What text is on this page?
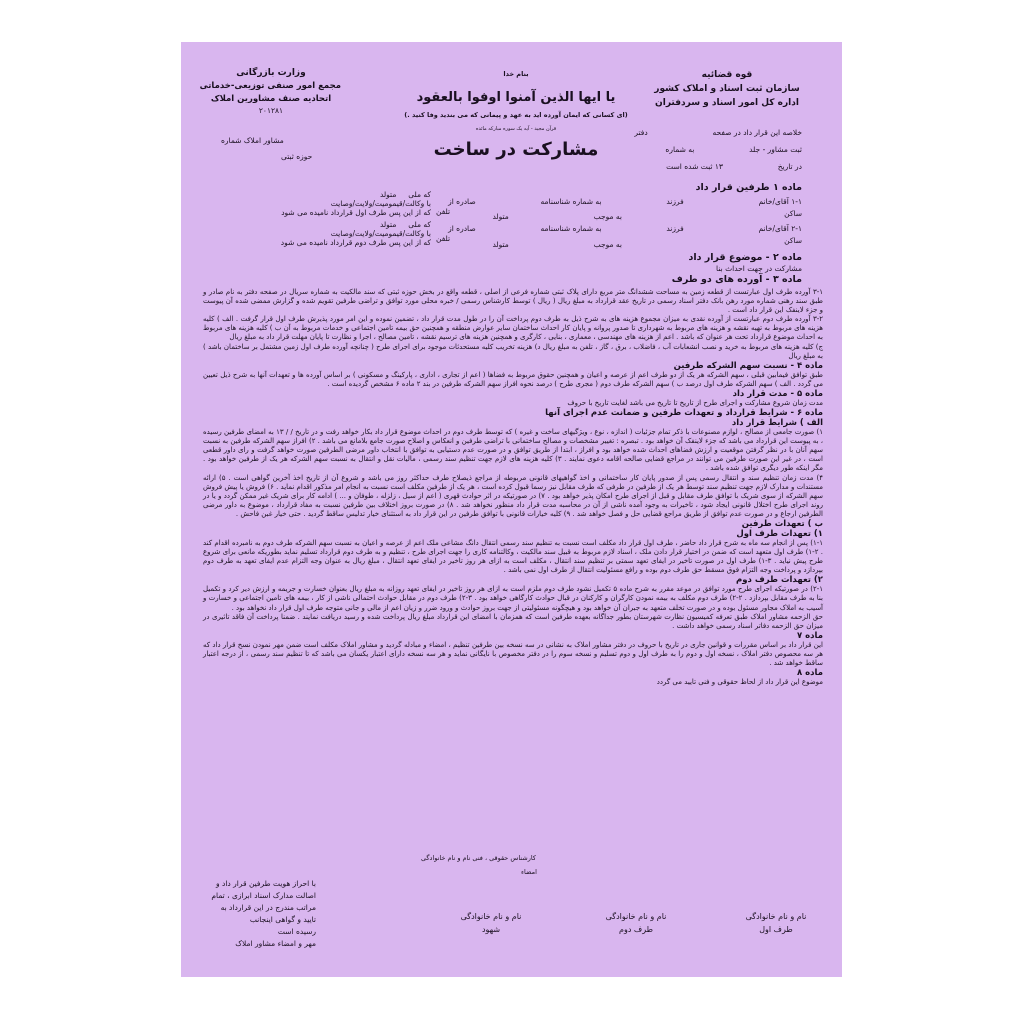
قوه قضائیه
سازمان ثبت اسناد و املاک کشور
اداره کل امور اسناد و سردفتران
بنام خدا
یا ایها الذین آمنوا اوفوا بالعقود
(ای کسانی که ایمان آورده اید به عهد و پیمانی که می بندید وفا کنید .)
قرآن مجید - آیه یک سوره مبارکه مائده
مشارکت در ساخت
وزارت بازرگانی
مجمع امور صنفی توزیعی-خدماتی
اتحادیه صنف مشاورین املاک
۲۰۱۲۸۱
مشاور املاک شماره
حوزه ثبتی
خلاصه این قرار داد در صفحه  دفتر
ثبت مشاور - جلد  به شماره
در تاریخ  ۱۳ ثبت شده است
ماده ۱ طرفین قرار داد
۱-۱ آقای/خانم  فرزند  به شماره شناسنامه  صادره از
ساکن
تلفن
به موجب  متولد
۲-۱ آقای/خانم  فرزند  به شماره شناسنامه  صادره از
ساکن
تلفن
به موجب  متولد
که ملی     متولد
با وکالت/قیمومیت/ولایت/وصایت
که از این پس طرف اول قرارداد نامیده می شود
که ملی     متولد
با وکالت/قیمومیت/ولایت/وصایت
که از این پس طرف دوم قرارداد نامیده می شود
ماده ۲ - موضوع قرار داد
مشارکت در جهت احداث بنا
ماده ۳ - آورده های دو طرف

۳-۱ آورده طرف اول عبارتست از قطعه زمین به مساحت ششدانگ متر مربع دارای پلاک ثبتی شماره فرعی از اصلی ، قطعه واقع در بخش حوزه ثبتی که سند مالکیت به شماره سریال در صفحه دفتر به نام صادر و طبق سند رهنی شماره مورد رهن بانک دفتر اسناد رسمی در تاریخ عقد قرارداد به مبلغ ریال ( ریال ) توسط کارشناس رسمی / خبره محلی مورد توافق و تراضی طرفین تقویم شده و گزارش ممضی شده آن پیوست و جزء لاینفک این قرار داد است .

۳-۲ آورده طرف دوم عبارتست از آورده نقدی به میزان مجموع هزینه های به شرح ذیل به طرف دوم پرداخت آن را در طول مدت قرار داد ، تضمین نموده و این امر مورد پذیرش طرف اول قرار گرفت . الف ) کلیه هزینه های مربوط به تهیه نقشه و هزینه های مربوط به شهرداری تا صدور پروانه و پایان کار احداث ساختمان سایر عوارض منطقه و همچنین حق بیمه تامین اجتماعی و خدمات مربوط به آن ب ) کلیه هزینه های مربوط به احداث موضوع قرارداد تحت هر عنوان که باشد . اعم از هزینه های مهندسی ، معماری ، بنایی ، کارگری و همچنین هزینه های ترسیم نقشه ، تامین مصالح ، اجرا و نظارت تا پایان مهلت قرار داد به مبلغ ریال

ج) کلیه هزینه های مربوط به خرید و نصب انشعابات آب ، فاضلاب ، برق ، گاز ، تلفن به مبلغ ریال د) هزینه تخریب کلیه مستحدثات موجود برای اجرای طرح ( چنانچه آورده طرف اول زمین مشتمل بر ساختمان باشد ) به مبلغ ریال

ماده ۴ - نسبت سهم الشرکه طرفین

طبق توافق فیمابین قبلی ، سهم الشرکه هر یک از دو طرف اعم از عرصه و اعیان و همچنین حقوق مربوط به فضاها ( اعم از تجاری ، اداری ، پارکینگ و مسکونی ) بر اساس آورده ها و تعهدات آنها به شرح ذیل تعیین می گردد . الف ) سهم الشرکه طرف اول درصد ب ) سهم الشرکه طرف دوم ( مجری طرح ) درصد نحوه افراز سهم الشرکه طرفین در بند ۲ ماده ۶ مشخص گردیده است .

ماده ۵ - مدت قرار داد

مدت زمان شروع مشارکت و اجرای طرح از تاریخ تا تاریخ می باشد لغایت تاریخ با حروف

ماده ۶ - شرایط قرارداد و تعهدات طرفین و ضمانت عدم اجرای آنها

الف ) شرایط قرار داد

۱) صورت جامعی از مصالح ، لوازم مصنوعات با ذکر تمام جزئیات ( اندازه ، نوع ، ویژگیهای ساخت و غیره ) که توسط طرف دوم در احداث موضوع قرار داد بکار خواهد رفت و در تاریخ / / ۱۳ به امضای طرفین رسیده ، به پیوست این قرارداد می باشد که جزء لاینفک آن خواهد بود . تبصره : تغییر مشخصات و مصالح ساختمانی با تراضی طرفین و انعکاس و اصلاح صورت جامع بلامانع می باشد . ۲) افراز سهم الشرکه طرفین به نسبت سهم آنان با در نظر گرفتن موقعیت و ارزش فضاهای احداث شده خواهد بود و افراز ، ابتدا از طریق توافق و در صورت عدم دستیابی به توافق با انتخاب داور مرضی الطرفین صورت خواهد گرفت و رای داور قطعی است ، در غیر این صورت طرفین می توانند در مراجع قضایی صالحه اقامه دعوی نمایند . ۳) کلیه هزینه های لازم جهت تنظیم سند رسمی ، مالیات نقل و انتقال به نسبت سهم الشرکه هر یک از طرفین خواهد بود . مگر اینکه طور دیگری توافق شده باشد .

۴) مدت زمان تنظیم سند و انتقال رسمی پس از صدور پایان کار ساختمانی و اخذ گواهیهای قانونی مربوطه از مراجع ذیصلاح طرف حداکثر روز می باشد و شروع آن از تاریخ اخذ آخرین گواهی است . ۵) ارائه مستندات و مدارک لازم جهت تنظیم سند توسط هر یک از طرفین در طرفی که طرف مقابل نیز رسما قبول کرده است ، هر یک از طرفین مکلف است نسبت به انجام امر مذکور اقدام نماید . ۶) فروش یا پیش فروش سهم الشرکه از سوی شریک با توافق طرف مقابل و قبل از اجرای طرح امکان پذیر خواهد بود . ۷) در صورتیکه در اثر حوادث قهری ( اعم از سیل ، زلزله ، طوفان و ... ) ادامه کار برای شریک غیر ممکن گردد و یا در روند اجرای طرح اختلال قانونی ایجاد شود ، تاخیرات به وجود آمده ناشی از آن در محاسبه مدت قرار داد منظور نخواهد شد . ۸) در صورت بروز اختلاف بین طرفین نسبت به مفاد قرارداد ، موضوع به داور مرضی الطرفین ارجاع و در صورت عدم توافق از طریق مراجع قضایی حل و فصل خواهد شد . ۹) کلیه خیارات قانونی با توافق طرفین در این قرار داد به استثنای خیار تدلیس ساقط گردید . حتی خیار غبن فاحش .

ب ) تعهدات طرفین

۱) تعهدات طرف اول

۱-۱) پس از انجام سه ماه به شرح قرار داد حاضر ، طرف اول قرار داد مکلف است نسبت به تنظیم سند رسمی انتقال دانگ مشاعی ملک اعم از عرصه و اعیان به نسبت سهم الشرکه طرف دوم به نامبرده اقدام کند . ۲-۱) طرف اول متعهد است که ضمن در اختیار قرار دادن ملک ، اسناد لازم مربوط به قبیل سند مالکیت ، وکالتنامه کاری را جهت اجرای طرح ، تنظیم و به طرف دوم قرارداد تسلیم نماید بطوریکه مانعی برای شروع طرح پیش نیاید . ۳-۱) طرف اول در صورت تاخیر در ایفای تعهد سمتی بر تنظیم سند انتقال ، مکلف است به ازای هر روز تاخیر در ایفای تعهد انتقال ، مبلغ ریال به عنوان وجه التزام عدم ایفای تعهد به طرف دوم بپردازد و پرداخت وجه التزام فوق مسقط حق طرف دوم بوده و رافع مسئولیت انتقال از طرف اول نمی باشد .

۲) تعهدات طرف دوم

۲-۱) در صورتیکه اجرای طرح مورد توافق در موعد مقرر به شرح ماده ۵ تکمیل نشود طرف دوم ملزم است به ازای هر روز تاخیر در ایفای تعهد روزانه به مبلغ ریال بعنوان خسارت و جریمه و ارزش دیر کرد و تکمیل بنا به طرف مقابل بپردازد . ۲-۲) طرف دوم مکلف به بیمه نمودن کارگران و کارکنان در قبال حوادث کارگاهی خواهد بود . ۳-۲) طرف دوم در مقابل حوادث احتمالی ناشی از کار ، بیمه های تامین اجتماعی و خسارت و آسیب به املاک مجاور مسئول بوده و در صورت تخلف متعهد به جبران آن خواهد بود و هیچگونه مسئولیتی از جهت بروز حوادث و ورود ضرر و زیان اعم از مالی و جانی متوجه طرف اول قرار داد نخواهد بود .

حق الزحمه مشاور املاک طبق تعرفه کمیسیون نظارت شهرستان بطور جداگانه بعهده طرفین است که همزمان با امضای این قرارداد مبلغ ریال پرداخت شده و رسید دریافت نمایند . ضمنا پرداخت آن فاقد تاثیری در میزان حق الزحمه دفاتر اسناد رسمی خواهد داشت .

ماده ۷

این قرار داد بر اساس مقررات و قوانین جاری در تاریخ با حروف در دفتر مشاور املاک به نشانی در سه نسخه بین طرفین تنظیم ، امضاء و مبادله گردید و مشاور املاک مکلف است ضمن مهر نمودن نسخ قرار داد که هر سه محصوص دفتر املاک ، نسخه اول و دوم را به طرف اول و دوم تسلیم و نسخه سوم را در دفتر مخصوص با نایگانی نماید و هر سه نسخه دارای اعتبار یکسان می باشد که تا تنظیم سند رسمی ، از درجه اعتبار ساقط خواهد شد .

ماده ۸

موضوع این قرار داد از لحاظ حقوقی و فنی تایید می گردد

کارشناس حقوقی ، فنی نام و نام خانوادگی
امضاء
نام و نام خانوادگی
طرف اول
نام و نام خانوادگی
طرف دوم
نام و نام خانوادگی
شهود
با احراز هویت طرفین قرار داد و اصالت مدارک اسناد ابرازی ، تمام مراتب مندرج در این قرارداد به تایید و گواهی اینجانب
رسیده است
مهر و امضاء مشاور املاک
